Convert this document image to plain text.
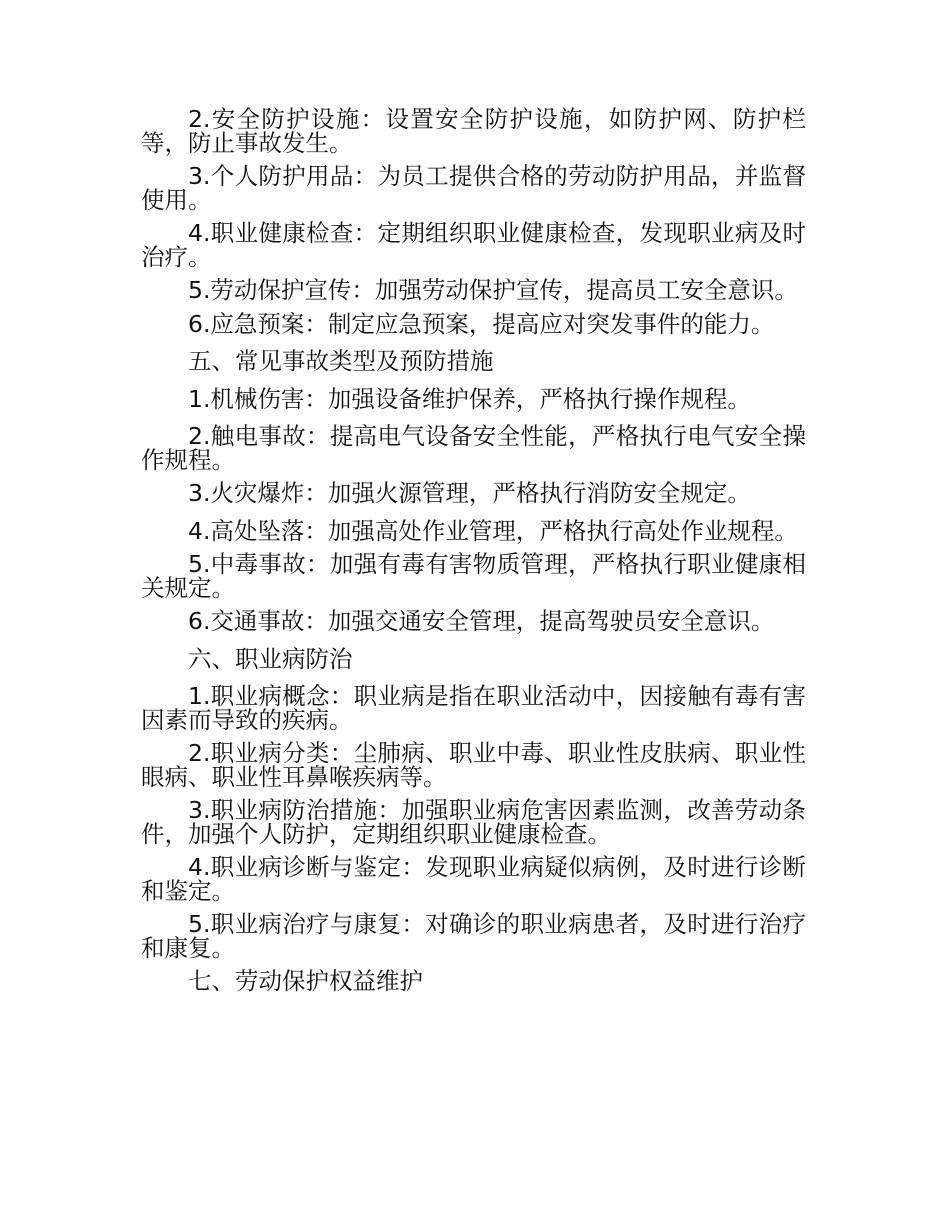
2.安全防护设施：设置安全防护设施，如防护网、防护栏等，防止事故发生。

3.个人防护用品：为员工提供合格的劳动防护用品，并监督使用。

4.职业健康检查：定期组织职业健康检查，发现职业病及时治疗。

5.劳动保护宣传：加强劳动保护宣传，提高员工安全意识。

6.应急预案：制定应急预案，提高应对突发事件的能力。

五、常见事故类型及预防措施

1.机械伤害：加强设备维护保养，严格执行操作规程。

2.触电事故：提高电气设备安全性能，严格执行电气安全操作规程。

3.火灾爆炸：加强火源管理，严格执行消防安全规定。

4.高处坠落：加强高处作业管理，严格执行高处作业规程。

5.中毒事故：加强有毒有害物质管理，严格执行职业健康相关规定。

6.交通事故：加强交通安全管理，提高驾驶员安全意识。

六、职业病防治

1.职业病概念：职业病是指在职业活动中，因接触有毒有害因素而导致的疾病。

2.职业病分类：尘肺病、职业中毒、职业性皮肤病、职业性眼病、职业性耳鼻喉疾病等。

3.职业病防治措施：加强职业病危害因素监测，改善劳动条件，加强个人防护，定期组织职业健康检查。

4.职业病诊断与鉴定：发现职业病疑似病例，及时进行诊断和鉴定。

5.职业病治疗与康复：对确诊的职业病患者，及时进行治疗和康复。

七、劳动保护权益维护
